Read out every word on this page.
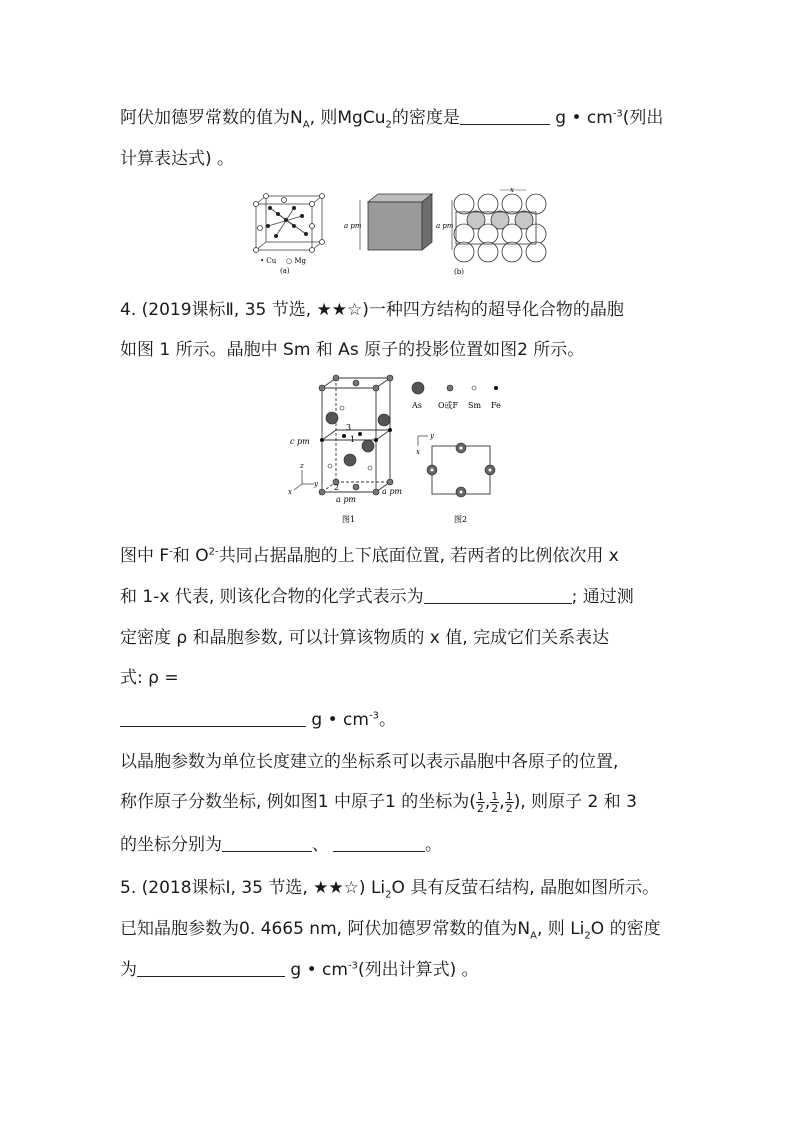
阿伏加德罗常数的值为$N_A$, 则MgCu$_2$的密度是	g • $cm^{-3}$(列出
计算表达式) 。
• Cu ○ Mg
(a)
a pm	a pm
x
(b)
4. (2019课标Ⅱ, 35 节选, ★★☆)一种四方结构的超导化合物的晶胞
如图 1 所示。晶胞中 Sm 和 As 原子的投影位置如图2 所示。
3
1
2
c pm
a pm
a pm
z
y
x
图1
As O或F Sm Fe
y
x
图2
图中 F-和 $O^{2-}$共同占据晶胞的上下底面位置, 若两者的比例依次用 x
和 1-x 代表, 则该化合物的化学式表示为	; 通过测
定密度 ρ 和晶胞参数, 可以计算该物质的 x 值, 完成它们关系表达
式: ρ =
g • $cm^{-3}$。
以晶胞参数为单位长度建立的坐标系可以表示晶胞中各原子的位置,
称作原子分数坐标, 例如图1 中原子1 的坐标为( $\frac{1}{2}$ , $\frac{1}{2}$ , $\frac{1}{2}$ ), 则原子 2 和 3
的坐标分别为	、	。
5. (2018课标Ⅰ, 35 节选, ★★☆) $Li_2O$ 具有反萤石结构, 晶胞如图所示。
已知晶胞参数为0. 4665 nm, 阿伏加德罗常数的值为$N_A$, 则 $Li_2O$ 的密度
为	g • $cm^{-3}$(列出计算式) 。
